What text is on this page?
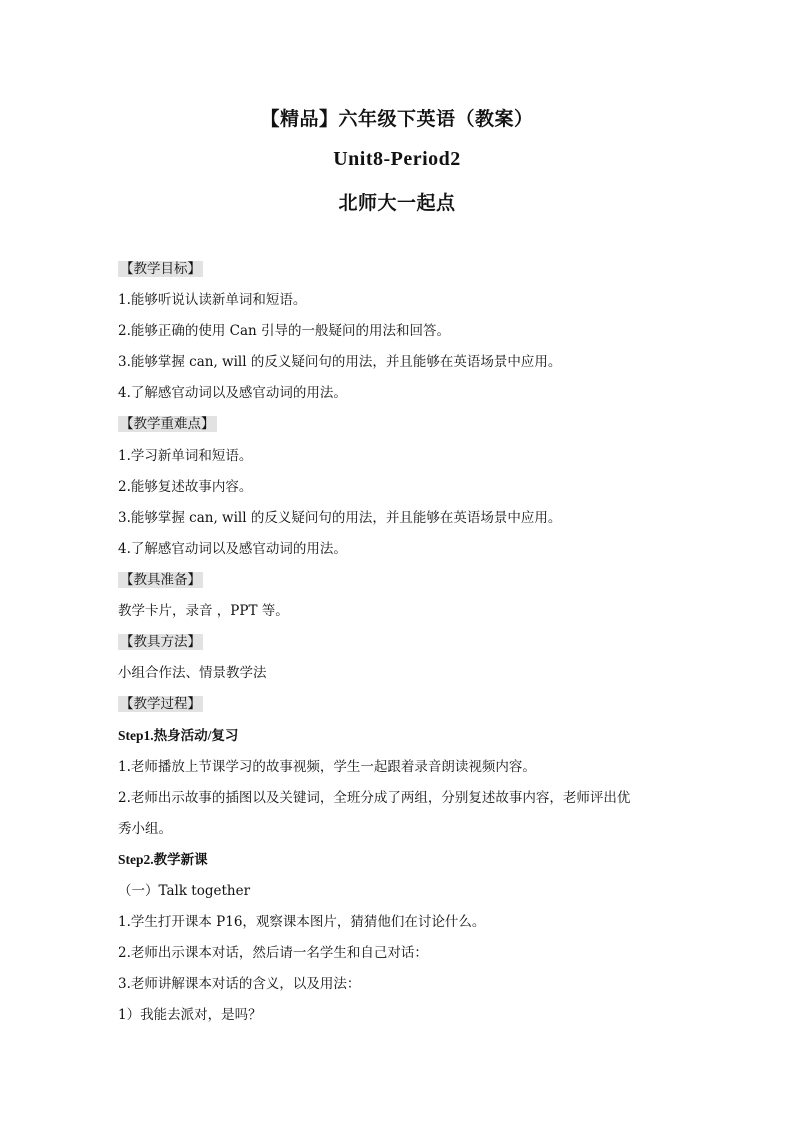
【精品】六年级下英语（教案）
Unit8-Period2
北师大一起点
【教学目标】
1.能够听说认读新单词和短语。
2.能够正确的使用 Can 引导的一般疑问的用法和回答。
3.能够掌握 can, will 的反义疑问句的用法，并且能够在英语场景中应用。
4.了解感官动词以及感官动词的用法。
【教学重难点】
1.学习新单词和短语。
2.能够复述故事内容。
3.能够掌握 can, will 的反义疑问句的用法，并且能够在英语场景中应用。
4.了解感官动词以及感官动词的用法。
【教具准备】
教学卡片，录音 ，PPT 等。
【教具方法】
小组合作法、情景教学法
【教学过程】
Step1.热身活动/复习
1.老师播放上节课学习的故事视频，学生一起跟着录音朗读视频内容。
2.老师出示故事的插图以及关键词，全班分成了两组，分别复述故事内容，老师评出优
秀小组。
Step2.教学新课
（一）Talk together
1.学生打开课本 P16，观察课本图片，猜猜他们在讨论什么。
2.老师出示课本对话，然后请一名学生和自己对话：
3.老师讲解课本对话的含义，以及用法：
1）我能去派对，是吗？
